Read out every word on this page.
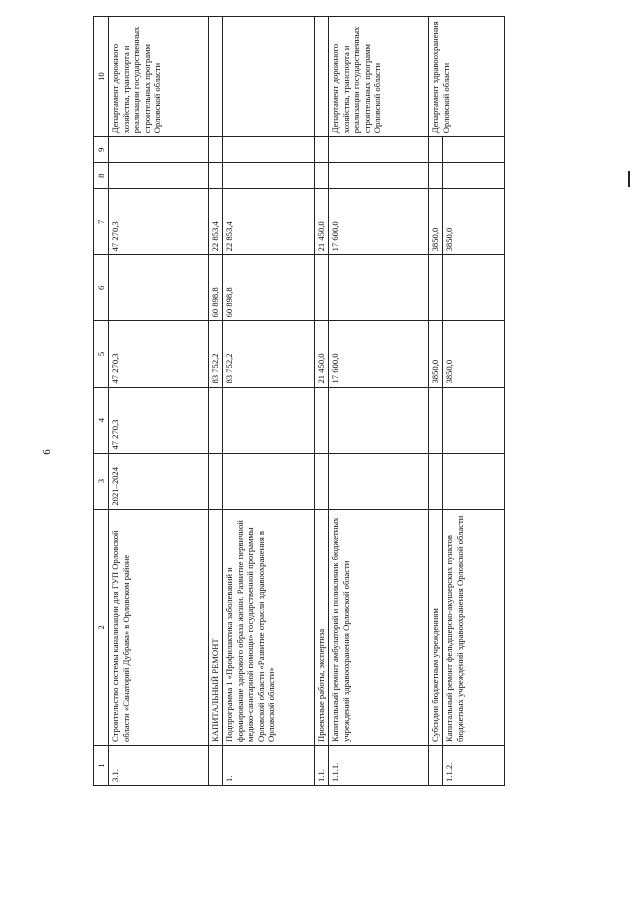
6
1	2	3	4	5	6	7	8	9	10
3.1.	Строительство системы канализации для ГУП Орловской области «Санаторий Дубрава» в Орловском районе	2021–2024	47 270,3	47 270,3		47 270,3			Департамент дорожного хозяйства, транспорта и реализации государственных строительных программ Орловской области
	КАПИТАЛЬНЫЙ РЕМОНТ			83 752,2	60 898,8	22 853,4			
1.	Подпрограмма 1 «Профилактика заболеваний и формирование здорового образа жизни. Развитие первичной медико-санитарной помощи» государственной программы Орловской области «Развитие отрасли здравоохранения в Орловской области»			83 752,2	60 898,8	22 853,4			
1.1.	Проектные работы, экспертиза			21 450,0		21 450,0			
1.1.1.	Капитальный ремонт амбулаторий и поликлиник бюджетных учреждений здравоохранения Орловской области			17 600,0		17 600,0			Департамент дорожного хозяйства, транспорта и реализации государственных строительных программ Орловской области
	Субсидии бюджетным учреждениям			3850,0		3850,0			Департамент здравоохранения Орловской области
1.1.2.	Капитальный ремонт фельдшерско-акушерских пунктов бюджетных учреждений здравоохранения Орловской области			3850,0		3850,0			
